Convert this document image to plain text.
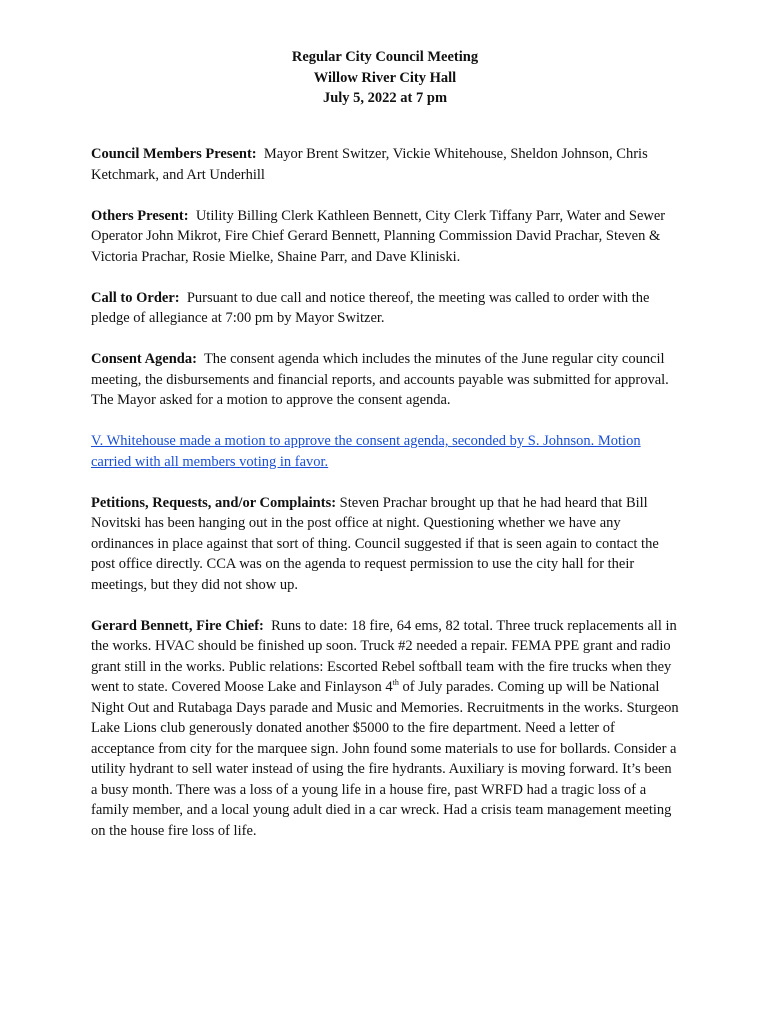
Regular City Council Meeting
Willow River City Hall
July 5, 2022 at 7 pm

Council Members Present: Mayor Brent Switzer, Vickie Whitehouse, Sheldon Johnson, Chris Ketchmark, and Art Underhill

Others Present: Utility Billing Clerk Kathleen Bennett, City Clerk Tiffany Parr, Water and Sewer Operator John Mikrot, Fire Chief Gerard Bennett, Planning Commission David Prachar, Steven & Victoria Prachar, Rosie Mielke, Shaine Parr, and Dave Kliniski.

Call to Order: Pursuant to due call and notice thereof, the meeting was called to order with the pledge of allegiance at 7:00 pm by Mayor Switzer.

Consent Agenda: The consent agenda which includes the minutes of the June regular city council meeting, the disbursements and financial reports, and accounts payable was submitted for approval. The Mayor asked for a motion to approve the consent agenda.

V. Whitehouse made a motion to approve the consent agenda, seconded by S. Johnson. Motion carried with all members voting in favor.

Petitions, Requests, and/or Complaints: Steven Prachar brought up that he had heard that Bill Novitski has been hanging out in the post office at night. Questioning whether we have any ordinances in place against that sort of thing. Council suggested if that is seen again to contact the post office directly. CCA was on the agenda to request permission to use the city hall for their meetings, but they did not show up.

Gerard Bennett, Fire Chief: Runs to date: 18 fire, 64 ems, 82 total. Three truck replacements all in the works. HVAC should be finished up soon. Truck #2 needed a repair. FEMA PPE grant and radio grant still in the works. Public relations: Escorted Rebel softball team with the fire trucks when they went to state. Covered Moose Lake and Finlayson 4th of July parades. Coming up will be National Night Out and Rutabaga Days parade and Music and Memories. Recruitments in the works. Sturgeon Lake Lions club generously donated another $5000 to the fire department. Need a letter of acceptance from city for the marquee sign. John found some materials to use for bollards. Consider a utility hydrant to sell water instead of using the fire hydrants. Auxiliary is moving forward. It’s been a busy month. There was a loss of a young life in a house fire, past WRFD had a tragic loss of a family member, and a local young adult died in a car wreck. Had a crisis team management meeting on the house fire loss of life.
